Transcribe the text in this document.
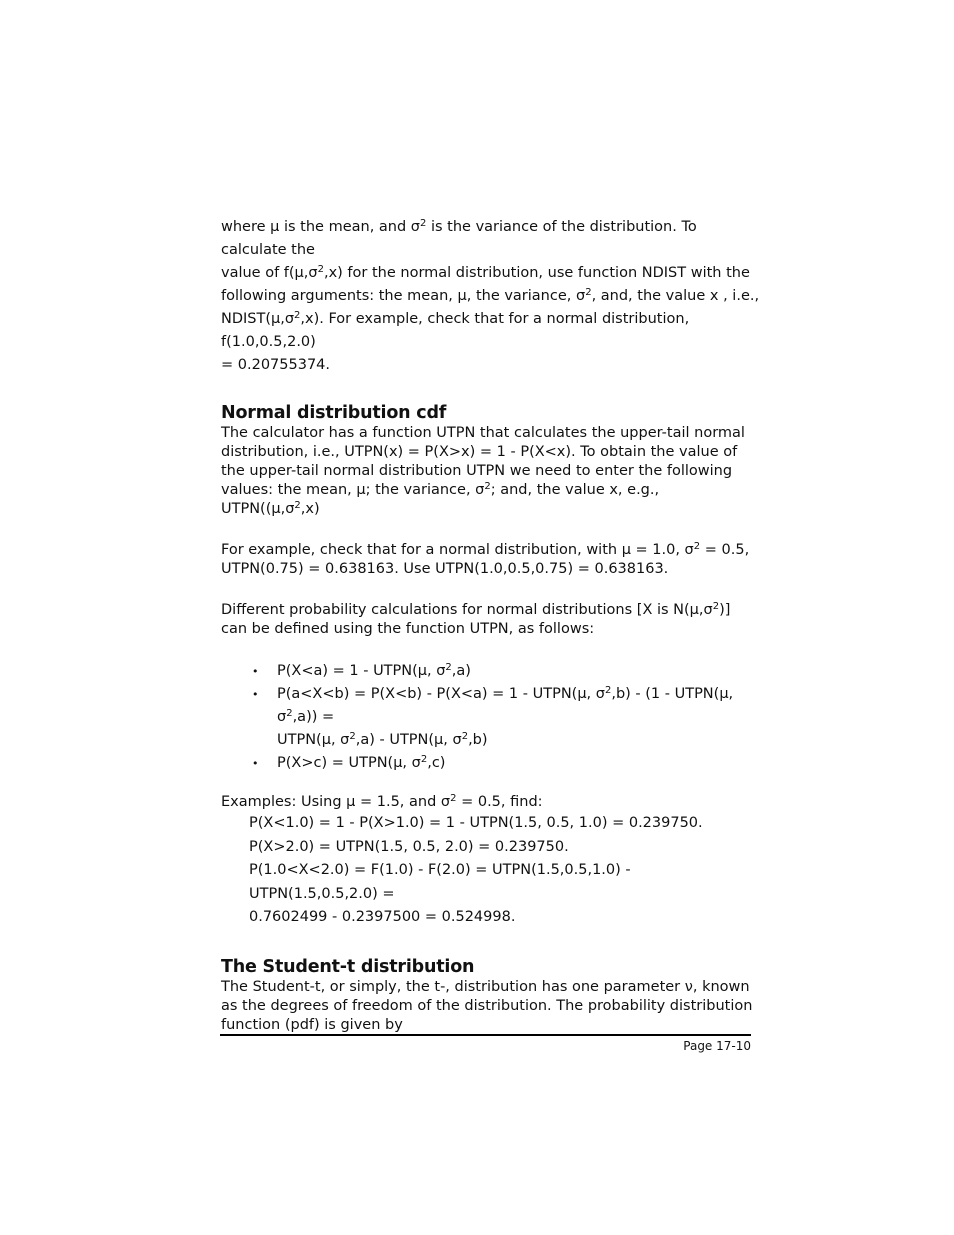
where μ is the mean, and $\sigma^2$ is the variance of the distribution. To calculate the
value of $f(\mu,\sigma^2,x)$ for the normal distribution, use function NDIST with the
following arguments: the mean, μ, the variance, $\sigma^2$, and, the value x , i.e.,
$NDIST(\mu,\sigma^2,x)$. For example, check that for a normal distribution, f(1.0,0.5,2.0)
= 0.20755374.

Normal distribution cdf

The calculator has a function UTPN that calculates the upper-tail normal distribution, i.e., UTPN(x) = P(X>x) = 1 - P(X<x). To obtain the value of the upper-tail normal distribution UTPN we need to enter the following values: the mean, μ; the variance, $\sigma^2$; and, the value x, e.g., $UTPN((\mu,\sigma^2,x)$

For example, check that for a normal distribution, with μ = 1.0, $\sigma^2 = 0.5$, UTPN(0.75) = 0.638163. Use UTPN(1.0,0.5,0.75) = 0.638163.

Different probability calculations for normal distributions [X is $N(\mu,\sigma^2)$] can be defined using the function UTPN, as follows:

• P(X<a) = 1 - UTPN(μ, $\sigma^2,a$)
• P(a<X<b) = P(X<b) - P(X<a) = 1 - UTPN(μ, $\sigma^2,b) - (1$ - UTPN(μ, $\sigma^2,a$)) =
UTPN(μ, $\sigma^2,a$) - UTPN(μ, $\sigma^2,b$)
• P(X>c) = UTPN(μ, $\sigma^2,c$)

Examples: Using μ = 1.5, and $\sigma^2 = 0.5$, find:

P(X<1.0) = 1 - P(X>1.0) = 1 - UTPN(1.5, 0.5, 1.0) = 0.239750.
P(X>2.0) = UTPN(1.5, 0.5, 2.0) = 0.239750.
P(1.0<X<2.0) = F(1.0) - F(2.0) = UTPN(1.5,0.5,1.0) - UTPN(1.5,0.5,2.0) =
0.7602499 - 0.2397500 = 0.524998.
The Student-t distribution

The Student-t, or simply, the t-, distribution has one parameter ν, known as the degrees of freedom of the distribution. The probability distribution function (pdf) is given by

Page 17-10
